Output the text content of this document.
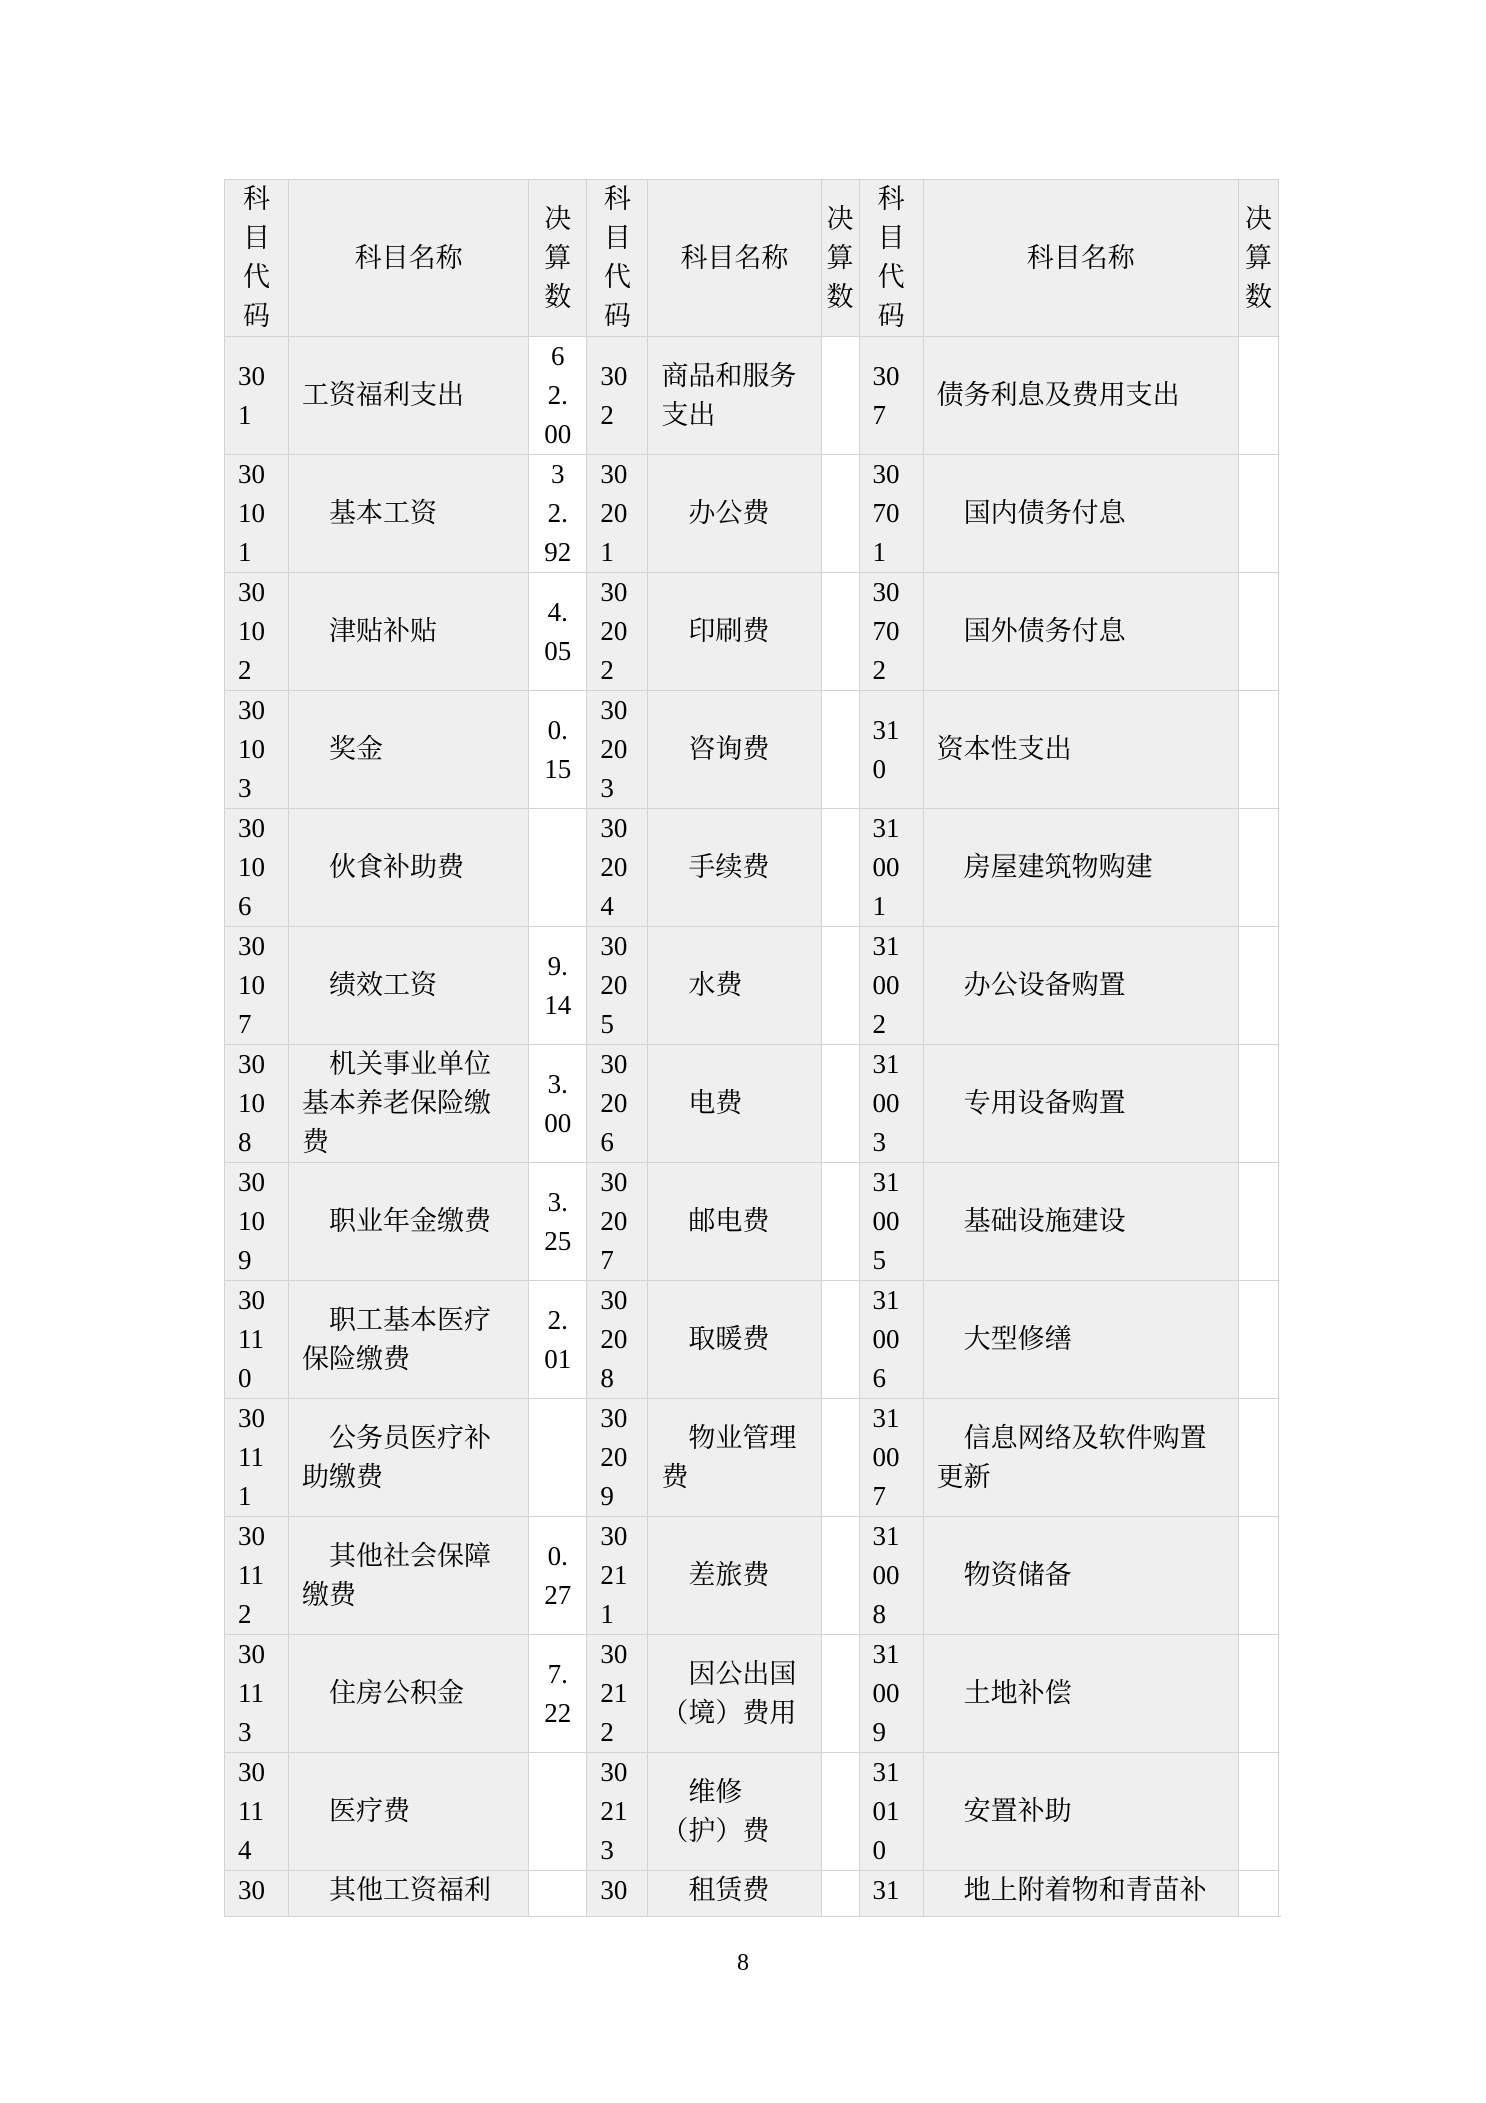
科目代码	科目名称	决算数	科目代码	科目名称	决算数	科目代码	科目名称	决算数
301	工资福利支出	62.00	302	商品和服务支出		307	债务利息及费用支出	
30101	　基本工资	32.92	30201	　办公费		30701	　国内债务付息	
30102	　津贴补贴	4.05	30202	　印刷费		30702	　国外债务付息	
30103	　奖金	0.15	30203	　咨询费		310	资本性支出	
30106	　伙食补助费		30204	　手续费		31001	　房屋建筑物购建	
30107	　绩效工资	9.14	30205	　水费		31002	　办公设备购置	
30108	　机关事业单位基本养老保险缴费	3.00	30206	　电费		31003	　专用设备购置	
30109	　职业年金缴费	3.25	30207	　邮电费		31005	　基础设施建设	
30110	　职工基本医疗保险缴费	2.01	30208	　取暖费		31006	　大型修缮	
30111	　公务员医疗补助缴费		30209	　物业管理费		31007	　信息网络及软件购置更新	
30112	　其他社会保障缴费	0.27	30211	　差旅费		31008	　物资储备	
30113	　住房公积金	7.22	30212	　因公出国（境）费用		31009	　土地补偿	
30114	　医疗费		30213	　维修（护）费		31010	　安置补助	
30	　其他工资福利		30	　租赁费		31	　地上附着物和青苗补	
8
